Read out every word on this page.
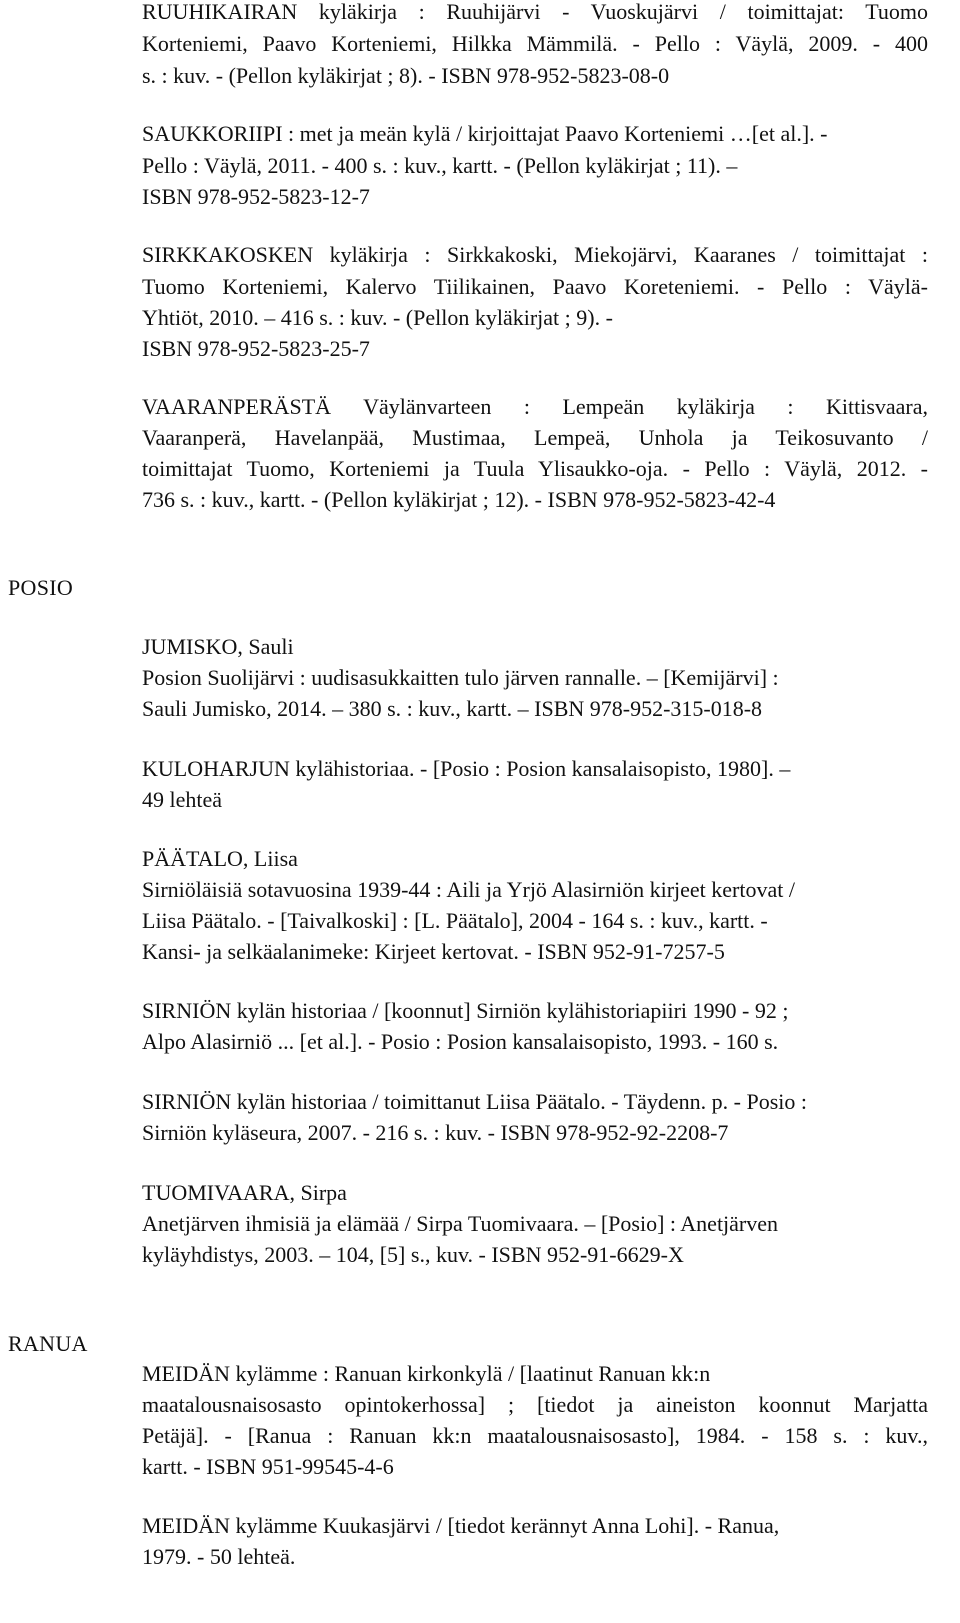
RUUHIKAIRAN kyläkirja : Ruuhijärvi - Vuoskujärvi / toimittajat: Tuomo
Korteniemi, Paavo Korteniemi, Hilkka Mämmilä. - Pello : Väylä, 2009. - 400
s. : kuv. - (Pellon kyläkirjat ; 8). - ISBN 978-952-5823-08-0
SAUKKORIIPI : met ja meän kylä / kirjoittajat Paavo Korteniemi …[et al.]. -
Pello : Väylä, 2011. - 400 s. : kuv., kartt. - (Pellon kyläkirjat ; 11). –
ISBN 978-952-5823-12-7
SIRKKAKOSKEN kyläkirja : Sirkkakoski, Miekojärvi, Kaaranes / toimittajat :
Tuomo Korteniemi, Kalervo Tiilikainen, Paavo Koreteniemi. - Pello : Väylä-
Yhtiöt, 2010. – 416 s. : kuv. - (Pellon kyläkirjat ; 9). -
ISBN 978-952-5823-25-7
VAARANPERÄSTÄ Väylänvarteen : Lempeän kyläkirja : Kittisvaara,
Vaaranperä, Havelanpää, Mustimaa, Lempeä, Unhola ja Teikosuvanto /
toimittajat Tuomo, Korteniemi ja Tuula Ylisaukko-oja. - Pello : Väylä, 2012. -
736 s. : kuv., kartt. - (Pellon kyläkirjat ; 12). - ISBN 978-952-5823-42-4
POSIO
JUMISKO, Sauli
Posion Suolijärvi : uudisasukkaitten tulo järven rannalle. – [Kemijärvi] :
Sauli Jumisko, 2014. – 380 s. : kuv., kartt. – ISBN 978-952-315-018-8
KULOHARJUN kylähistoriaa. - [Posio : Posion kansalaisopisto, 1980]. –
49 lehteä
PÄÄTALO, Liisa
Sirniöläisiä sotavuosina 1939-44 : Aili ja Yrjö Alasirniön kirjeet kertovat /
Liisa Päätalo. - [Taivalkoski] : [L. Päätalo], 2004 - 164 s. : kuv., kartt. -
Kansi- ja selkäalanimeke: Kirjeet kertovat. - ISBN 952-91-7257-5
SIRNIÖN kylän historiaa / [koonnut] Sirniön kylähistoriapiiri 1990 - 92 ;
Alpo Alasirniö ... [et al.]. - Posio : Posion kansalaisopisto, 1993. - 160 s.
SIRNIÖN kylän historiaa / toimittanut Liisa Päätalo. - Täydenn. p. - Posio :
Sirniön kyläseura, 2007. - 216 s. : kuv. - ISBN 978-952-92-2208-7
TUOMIVAARA, Sirpa
Anetjärven ihmisiä ja elämää / Sirpa Tuomivaara. – [Posio] : Anetjärven
kyläyhdistys, 2003. – 104, [5] s., kuv. - ISBN 952-91-6629-X
RANUA
MEIDÄN kylämme : Ranuan kirkonkylä / [laatinut Ranuan kk:n
maatalousnaisosasto opintokerhossa] ; [tiedot ja aineiston koonnut Marjatta
Petäjä]. - [Ranua : Ranuan kk:n maatalousnaisosasto], 1984. - 158 s. : kuv.,
kartt. - ISBN 951-99545-4-6
MEIDÄN kylämme Kuukasjärvi / [tiedot kerännyt Anna Lohi]. - Ranua,
1979. - 50 lehteä.
